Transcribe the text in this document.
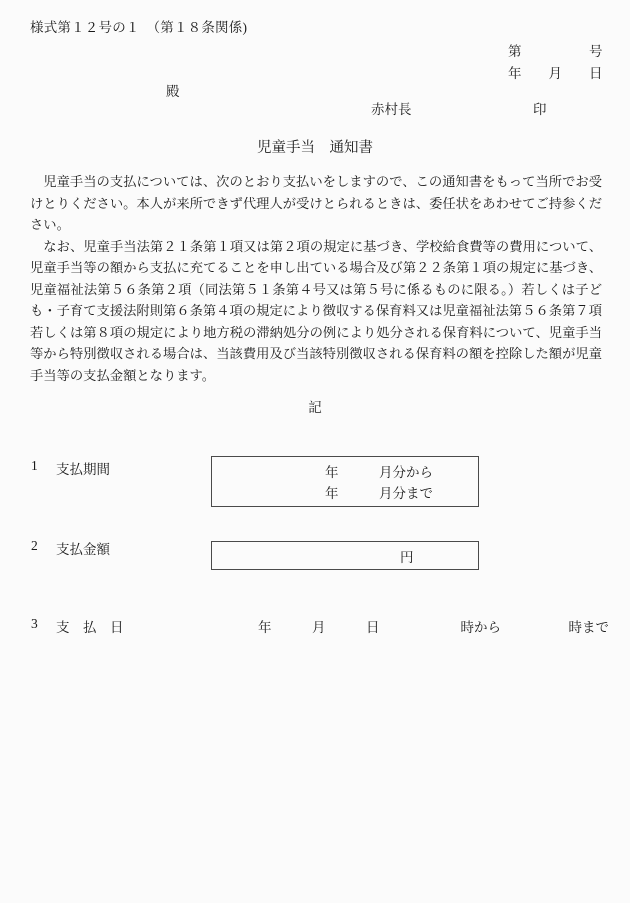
様式第１２号の１　（第１８条関係)
第　　　　　号
年　　月　　日
殿
赤村長	印
児童手当　通知書

児童手当の支払については、次のとおり支払いをしますので、この通知書をもって当所でお受けとりください。本人が来所できず代理人が受けとられるときは、委任状をあわせてご持参ください。

なお、児童手当法第２１条第１項又は第２項の規定に基づき、学校給食費等の費用について、児童手当等の額から支払に充てることを申し出ている場合及び第２２条第１項の規定に基づき、児童福祉法第５６条第２項（同法第５１条第４号又は第５号に係るものに限る。）若しくは子ども・子育て支援法附則第６条第４項の規定により徴収する保育料又は児童福祉法第５６条第７項若しくは第８項の規定により地方税の滞納処分の例により処分される保育料について、児童手当等から特別徴収される場合は、当該費用及び当該特別徴収される保育料の額を控除した額が児童手当等の支払金額となります。

記
1 支払期間	年　　　月分から
年　　　月分まで
2 支払金額
円
3 支　払　日	年　　　月　　　日　　　　　　時から　　　　　時まで
